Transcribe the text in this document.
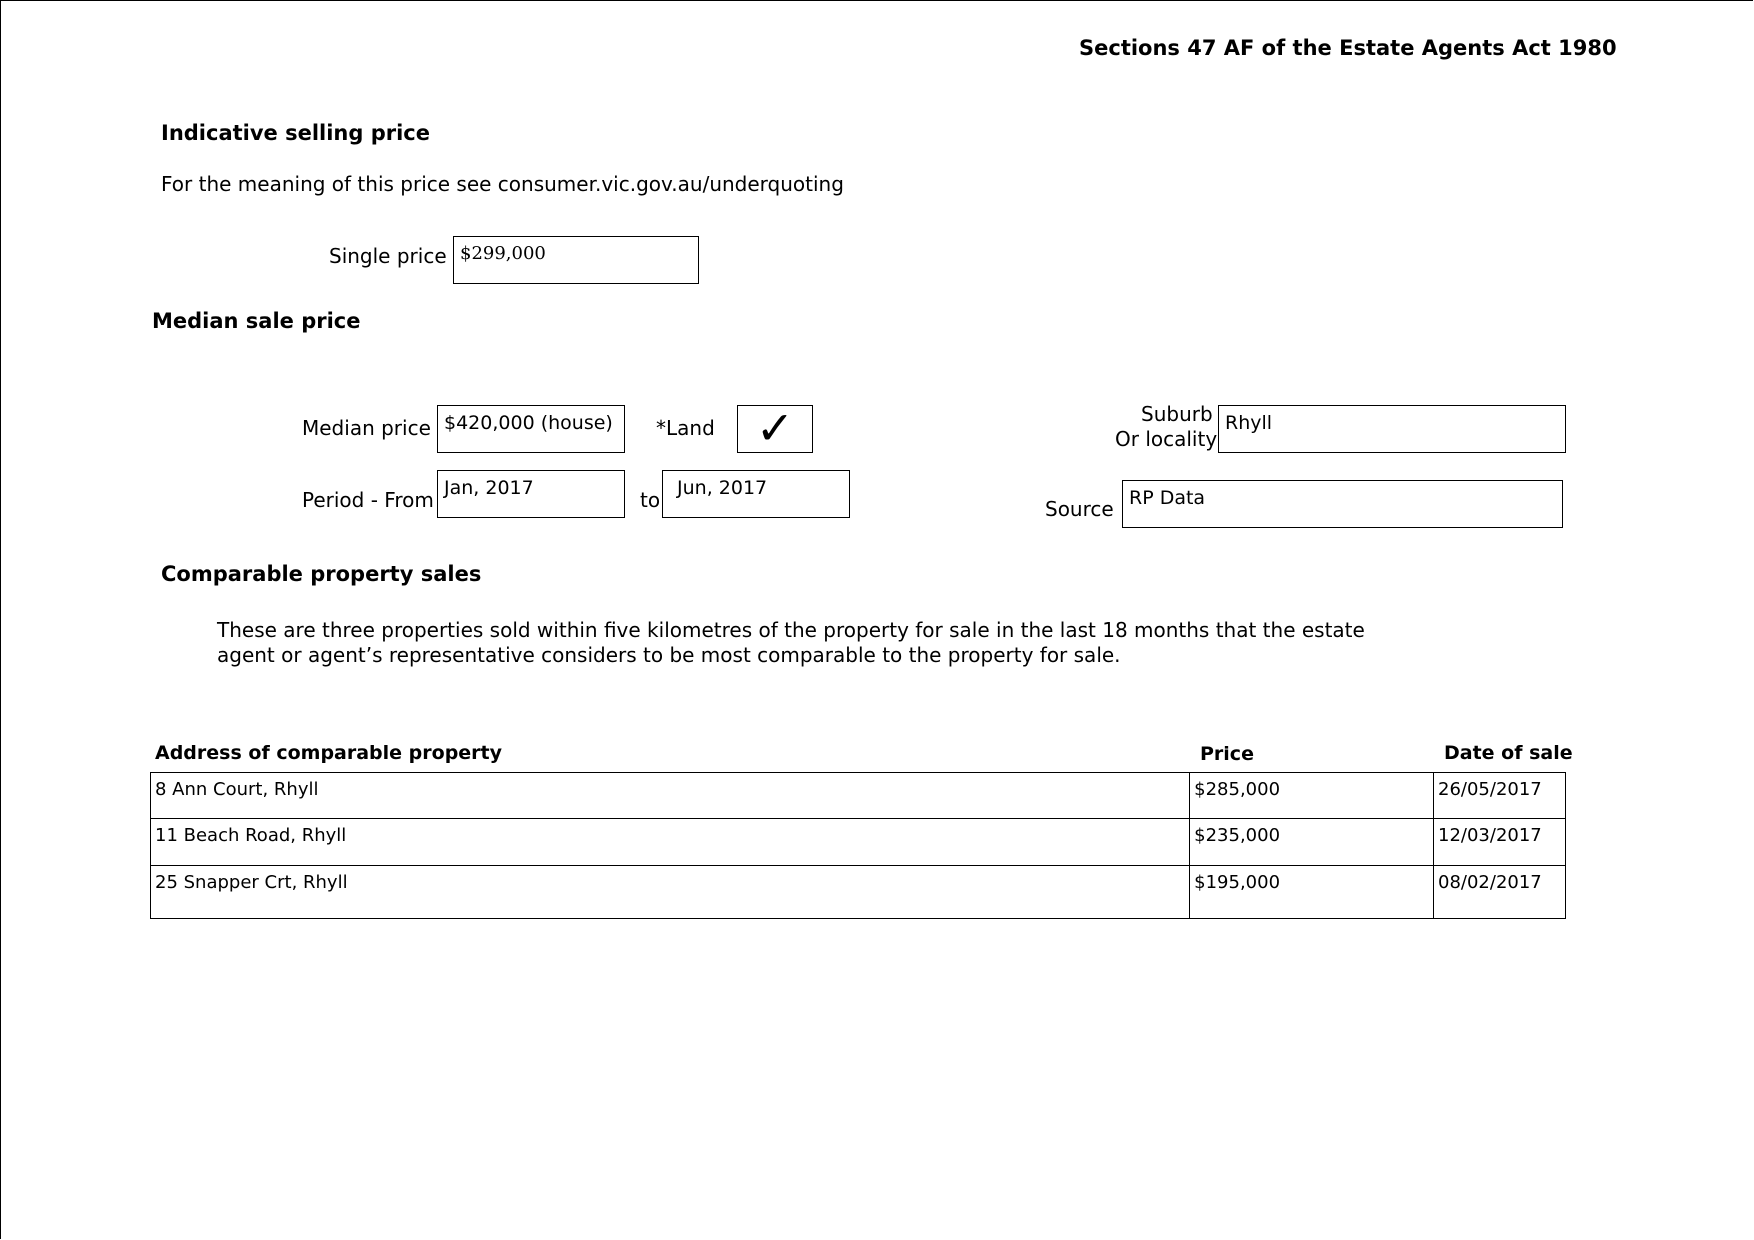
Sections 47 AF of the Estate Agents Act 1980
Indicative selling price
For the meaning of this price see consumer.vic.gov.au/underquoting
Single price $299,000
Median sale price
Median price $420,000 (house)	*Land ✓	Suburb
Or locality
Rhyll
Period - From Jan, 2017	to Jun, 2017
Source RP Data
Comparable property sales
These are three properties sold within five kilometres of the property for sale in the last 18 months that the estate agent or agent’s representative considers to be most comparable to the property for sale.
Address of comparable property	Price	Date of sale
8 Ann Court, Rhyll	$285,000	26/05/2017
11 Beach Road, Rhyll	$235,000	12/03/2017
25 Snapper Crt, Rhyll	$195,000	08/02/2017
